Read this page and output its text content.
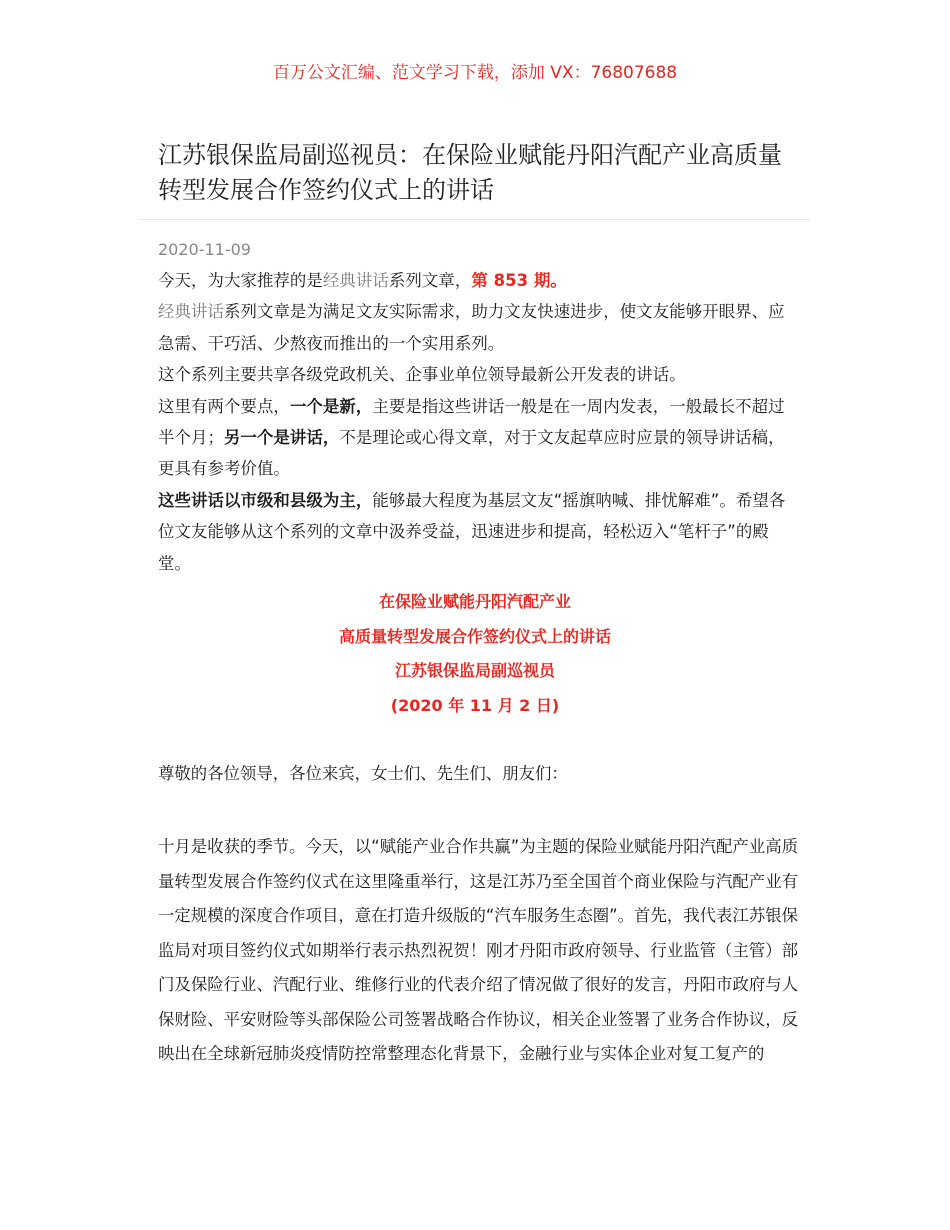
百万公文汇编、范文学习下载，添加 VX：76807688
江苏银保监局副巡视员：在保险业赋能丹阳汽配产业高质量转型发展合作签约仪式上的讲话
2020-11-09

今天，为大家推荐的是经典讲话系列文章，第 853 期。

经典讲话系列文章是为满足文友实际需求，助力文友快速进步，使文友能够开眼界、应急需、干巧活、少熬夜而推出的一个实用系列。

这个系列主要共享各级党政机关、企事业单位领导最新公开发表的讲话。

这里有两个要点，一个是新，主要是指这些讲话一般是在一周内发表，一般最长不超过半个月；另一个是讲话，不是理论或心得文章，对于文友起草应时应景的领导讲话稿，更具有参考价值。

这些讲话以市级和县级为主，能够最大程度为基层文友“摇旗呐喊、排忧解难”。希望各位文友能够从这个系列的文章中汲养受益，迅速进步和提高，轻松迈入“笔杆子”的殿堂。

在保险业赋能丹阳汽配产业
高质量转型发展合作签约仪式上的讲话
江苏银保监局副巡视员
(2020 年 11 月 2 日)
尊敬的各位领导，各位来宾，女士们、先生们、朋友们：
十月是收获的季节。今天，以“赋能产业合作共赢”为主题的保险业赋能丹阳汽配产业高质量转型发展合作签约仪式在这里隆重举行，这是江苏乃至全国首个商业保险与汽配产业有一定规模的深度合作项目，意在打造升级版的“汽车服务生态圈”。首先，我代表江苏银保监局对项目签约仪式如期举行表示热烈祝贺！刚才丹阳市政府领导、行业监管（主管）部门及保险行业、汽配行业、维修行业的代表介绍了情况做了很好的发言，丹阳市政府与人保财险、平安财险等头部保险公司签署战略合作协议，相关企业签署了业务合作协议，反映出在全球新冠肺炎疫情防控常整理态化背景下，金融行业与实体企业对复工复产的
